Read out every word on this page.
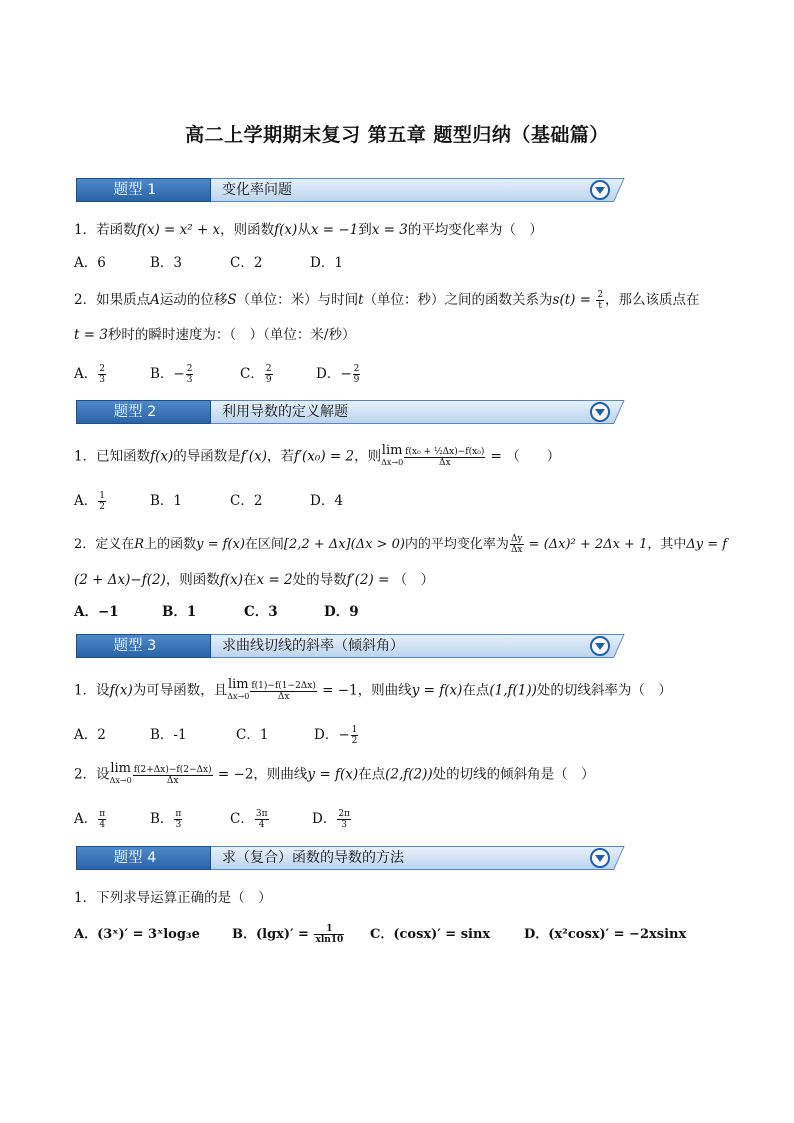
高二上学期期末复习 第五章 题型归纳（基础篇）
题型 1	变化率问题
1．若函数f(x) = x² + x，则函数f(x)从x = −1到x = 3的平均变化率为（　）
A．6	B．3	C．2	D．1
2．如果质点A运动的位移S（单位：米）与时间t（单位：秒）之间的函数关系为$s(t) = \frac{2}{t}$ ，那么该质点在
t = 3秒时的瞬时速度为：（　）（单位：米/秒）
A． $\frac{2}{3}$	B．− $\frac{2}{3}$	C． $\frac{2}{9}$	D．− $\frac{2}{9}$
题型 2	利用导数的定义解题
1．已知函数f(x)的导函数是f′(x)，若f′(x₀) = 2，则 lim
$\Delta x\to 0 \frac{\text{f(x₀ + ½Δx)−f(x₀)}}{\Delta x}$ = （　　）
A． $\frac{1}{2}$	B．1	C．2	D．4
2．定义在R上的函数y = f(x)在区间[2,2 + Δx](Δx > 0)内的平均变化率为 $\frac{\Delta y}{\Delta x} = (\Delta x)^2 + 2\Delta x + 1$，其中Δy = f
(2 + Δx)−f(2)，则函数f(x)在x = 2处的导数f′(2) = （　）
A．−1	B．1	C．3	D．9
题型 3	求曲线切线的斜率（倾斜角）
1．设f(x)为可导函数，且 lim
$\Delta x\to 0 \frac{f(1)-f(1-2\Delta x)}{\Delta x} = -1$，则曲线y = f(x)在点(1,f(1))处的切线斜率为（　）
A．2	B．-1	C．1	D．− $\frac{1}{2}$
2．设 lim
$\Delta x\to 0 \frac{f(2+\Delta x)-f(2-\Delta x)}{\Delta x} = -2$，则曲线y = f(x)在点(2,f(2))处的切线的倾斜角是（　）
A． $\frac{\pi}{4}$	B． $\frac{\pi}{3}$	C． $\frac{3\pi}{4}$	D． $\frac{2\pi}{3}$
题型 4	求（复合）函数的导数的方法
1．下列求导运算正确的是（　）
A．(3ˣ)′ = 3ˣlog₃e B．$(\lg x)' = \frac{1}{xln10}$ C．(cosx)′ = sinx	D．(x²cosx)′ = −2xsinx
